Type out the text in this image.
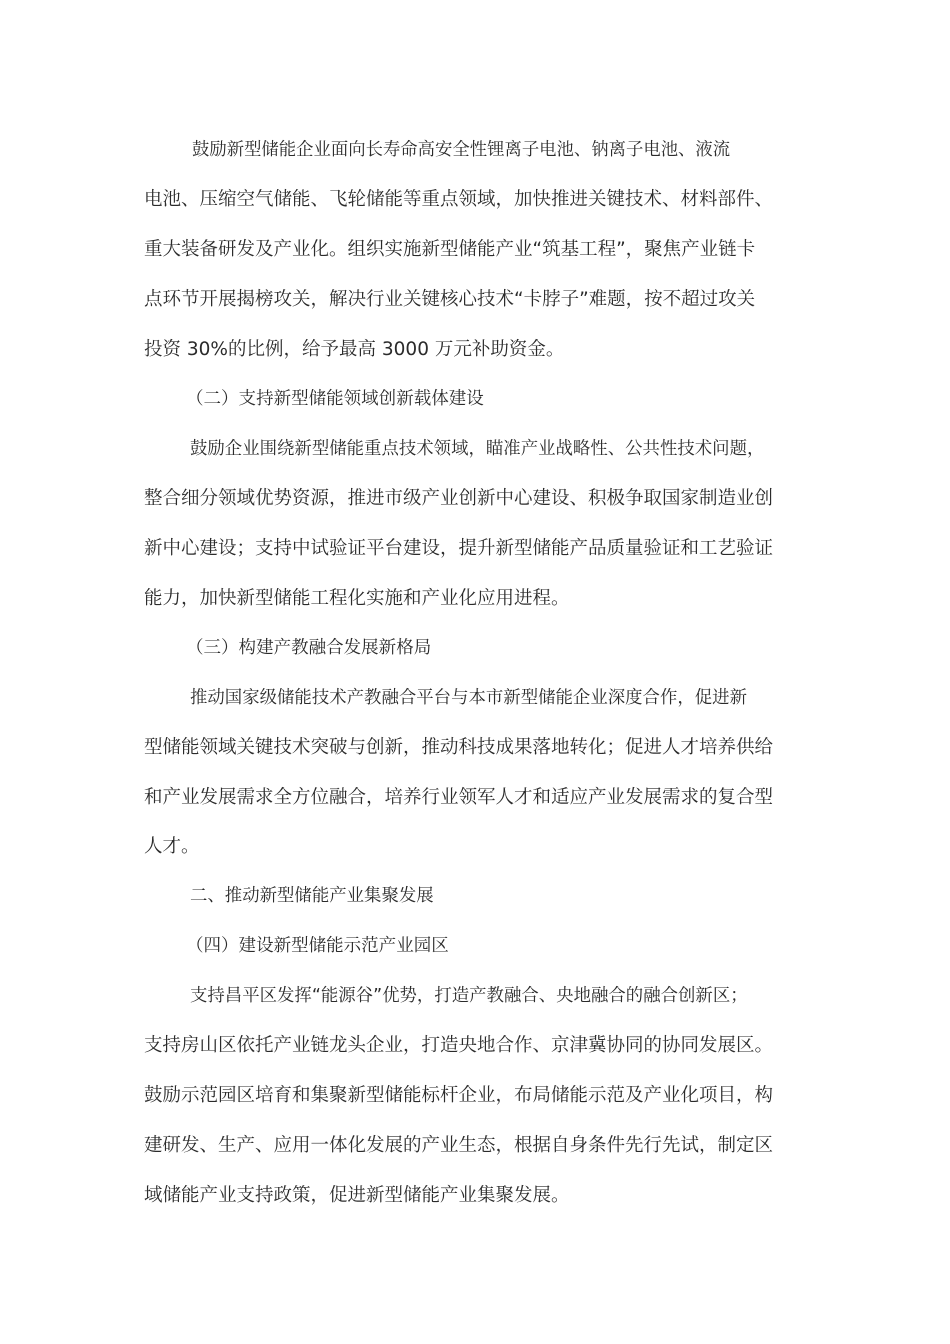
鼓励新型储能企业面向长寿命高安全性锂离子电池、钠离子电池、液流
电池、压缩空气储能、飞轮储能等重点领域，加快推进关键技术、材料部件、
重大装备研发及产业化。组织实施新型储能产业“筑基工程”，聚焦产业链卡
点环节开展揭榜攻关，解决行业关键核心技术“卡脖子”难题，按不超过攻关
投资 30%的比例，给予最高 3000 万元补助资金。
（二）支持新型储能领域创新载体建设
鼓励企业围绕新型储能重点技术领域，瞄准产业战略性、公共性技术问题，
整合细分领域优势资源，推进市级产业创新中心建设、积极争取国家制造业创
新中心建设；支持中试验证平台建设，提升新型储能产品质量验证和工艺验证
能力，加快新型储能工程化实施和产业化应用进程。
（三）构建产教融合发展新格局
推动国家级储能技术产教融合平台与本市新型储能企业深度合作，促进新
型储能领域关键技术突破与创新，推动科技成果落地转化；促进人才培养供给
和产业发展需求全方位融合，培养行业领军人才和适应产业发展需求的复合型
人才。
二、推动新型储能产业集聚发展
（四）建设新型储能示范产业园区
支持昌平区发挥“能源谷”优势，打造产教融合、央地融合的融合创新区；
支持房山区依托产业链龙头企业，打造央地合作、京津冀协同的协同发展区。
鼓励示范园区培育和集聚新型储能标杆企业，布局储能示范及产业化项目，构
建研发、生产、应用一体化发展的产业生态，根据自身条件先行先试，制定区
域储能产业支持政策，促进新型储能产业集聚发展。
